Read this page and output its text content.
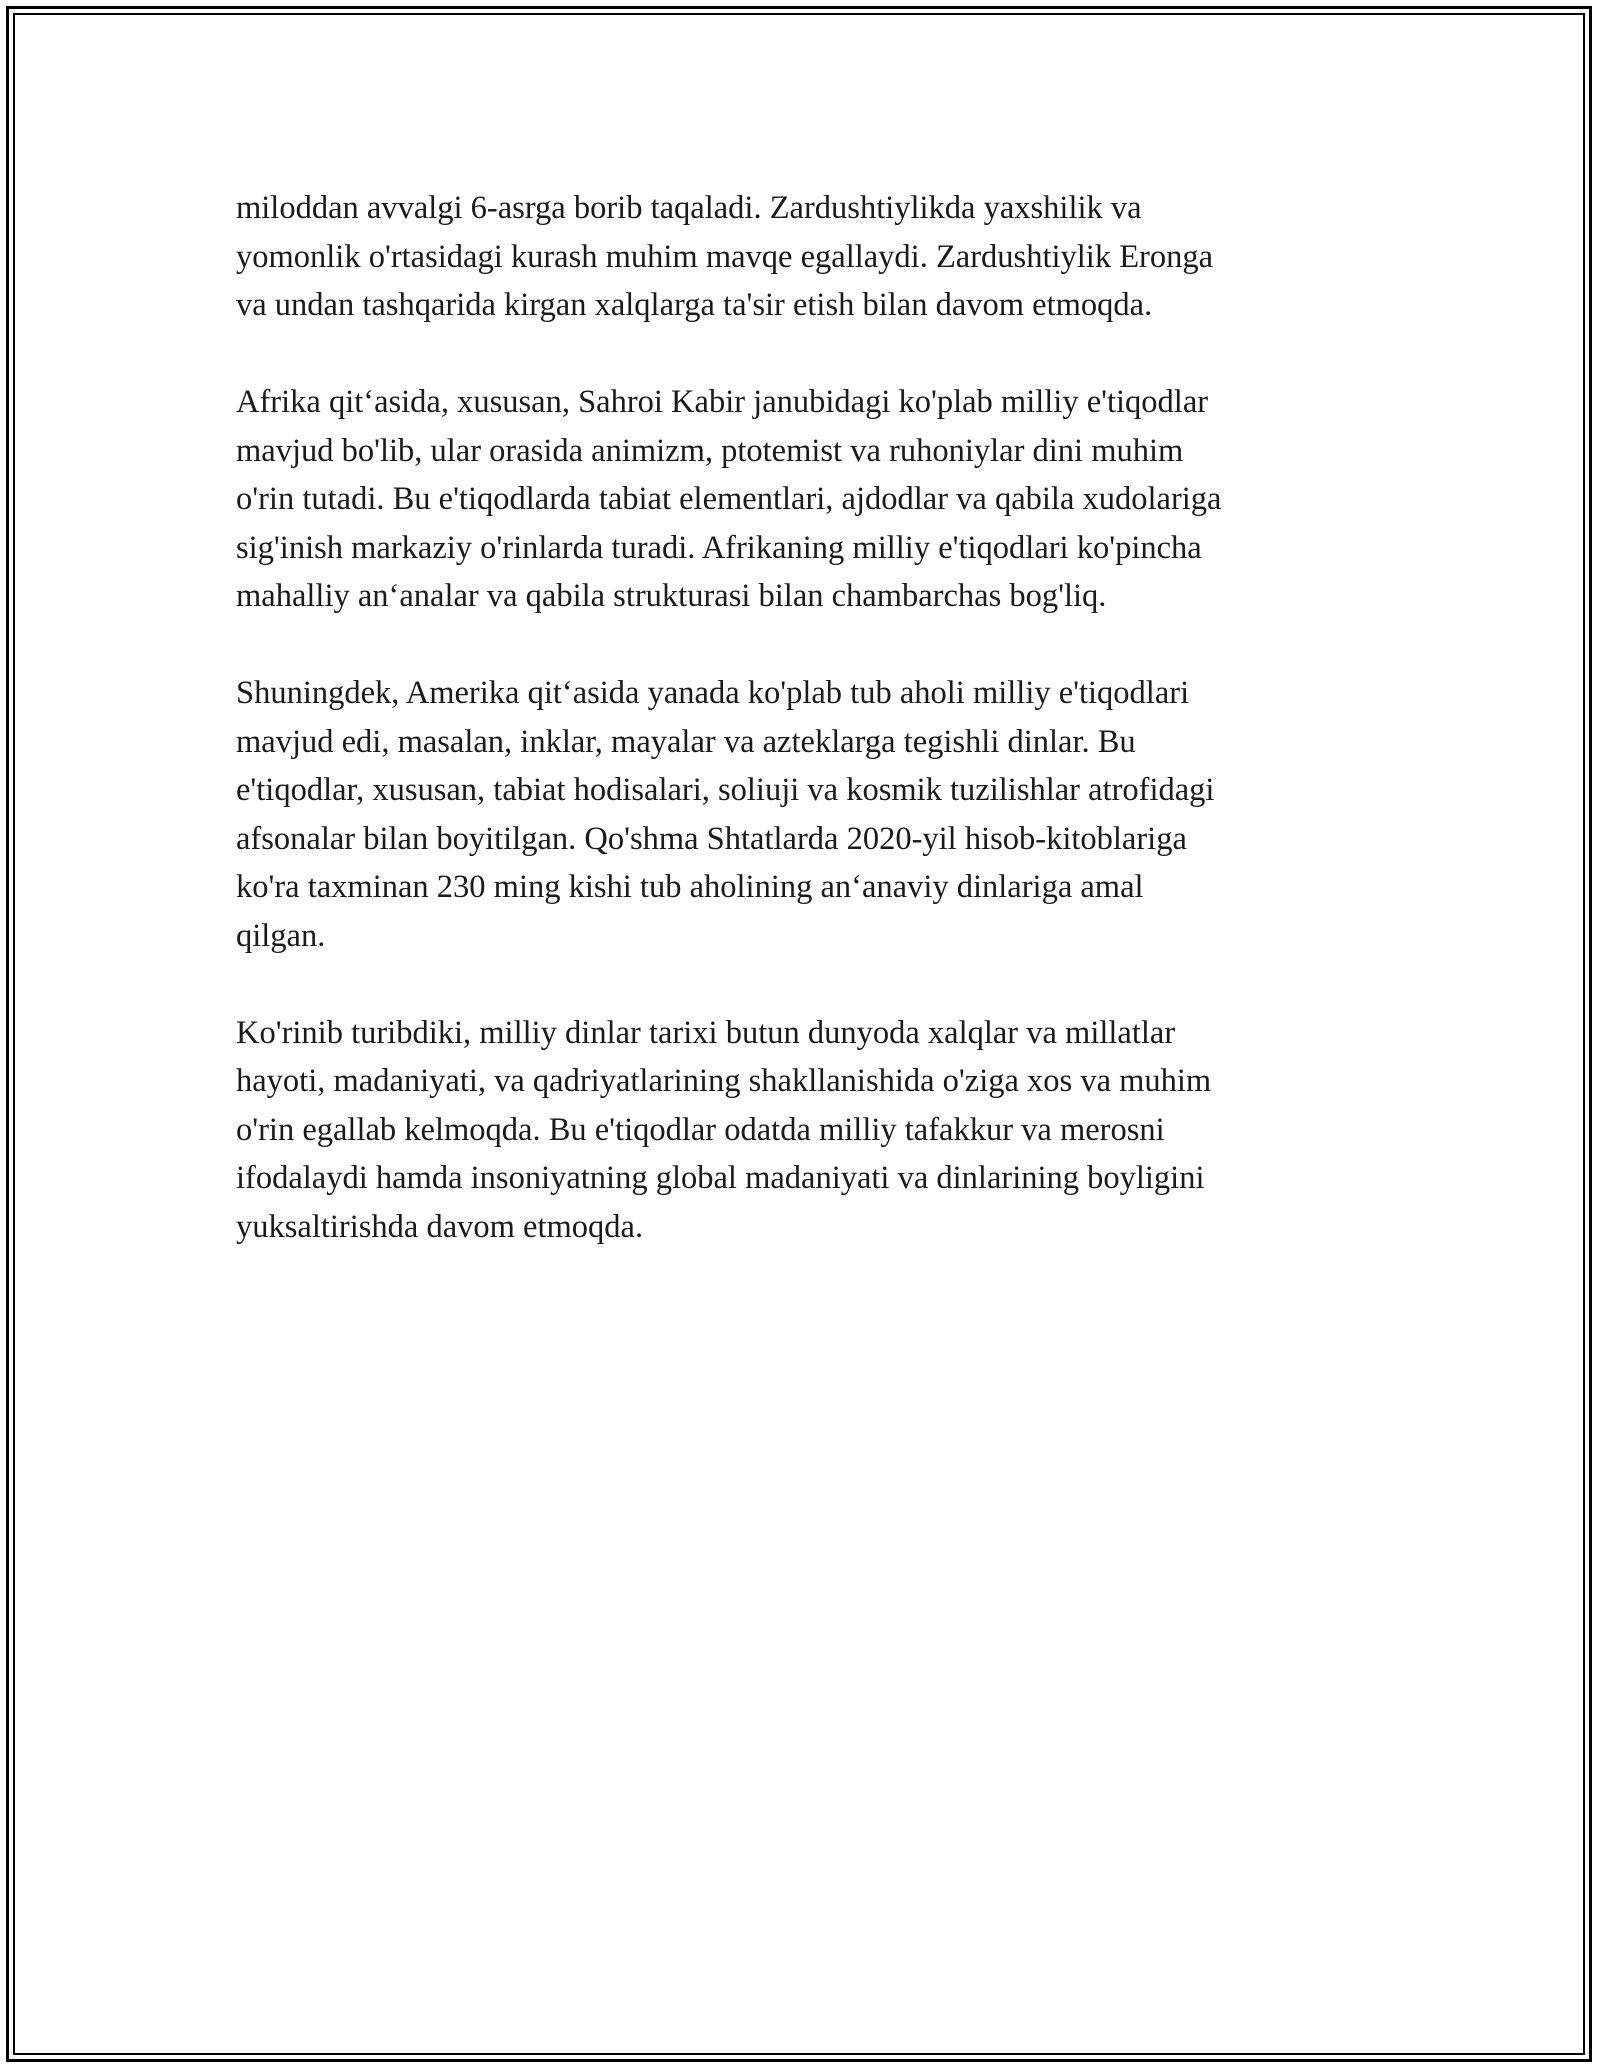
miloddan avvalgi 6-asrga borib taqaladi. Zardushtiylikda yaxshilik va
yomonlik o'rtasidagi kurash muhim mavqe egallaydi. Zardushtiylik Eronga
va undan tashqarida kirgan xalqlarga ta'sir etish bilan davom etmoqda.

Afrika qit‘asida, xususan, Sahroi Kabir janubidagi ko'plab milliy e'tiqodlar
mavjud bo'lib, ular orasida animizm, ptotemist va ruhoniylar dini muhim
o'rin tutadi. Bu e'tiqodlarda tabiat elementlari, ajdodlar va qabila xudolariga
sig'inish markaziy o'rinlarda turadi. Afrikaning milliy e'tiqodlari ko'pincha
mahalliy an‘analar va qabila strukturasi bilan chambarchas bog'liq.

Shuningdek, Amerika qit‘asida yanada ko'plab tub aholi milliy e'tiqodlari
mavjud edi, masalan, inklar, mayalar va azteklarga tegishli dinlar. Bu
e'tiqodlar, xususan, tabiat hodisalari, soliuji va kosmik tuzilishlar atrofidagi
afsonalar bilan boyitilgan. Qo'shma Shtatlarda 2020-yil hisob-kitoblariga
ko'ra taxminan 230 ming kishi tub aholining an‘anaviy dinlariga amal
qilgan.

Ko'rinib turibdiki, milliy dinlar tarixi butun dunyoda xalqlar va millatlar
hayoti, madaniyati, va qadriyatlarining shakllanishida o'ziga xos va muhim
o'rin egallab kelmoqda. Bu e'tiqodlar odatda milliy tafakkur va merosni
ifodalaydi hamda insoniyatning global madaniyati va dinlarining boyligini
yuksaltirishda davom etmoqda.
